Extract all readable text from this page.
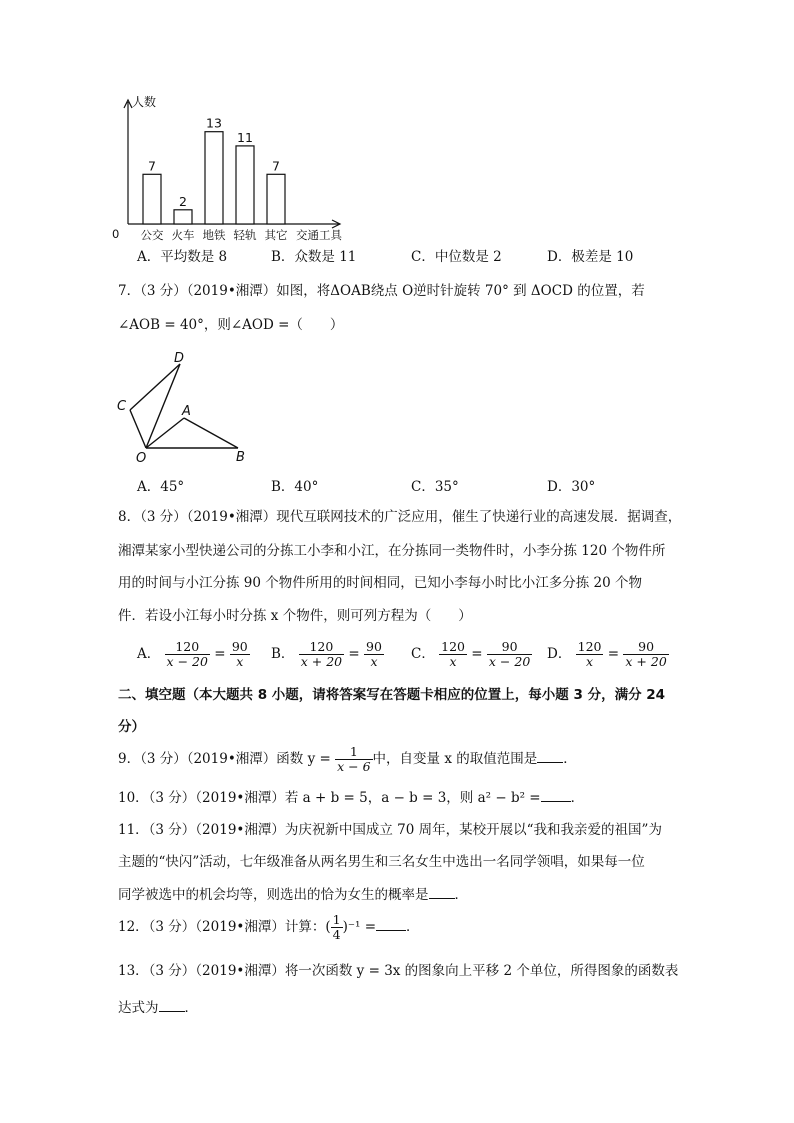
人数
0	交通工具
7
公交
2
火车
13
地铁
11
轻轨
7
其它
A．平均数是 8	B．众数是 11	C．中位数是 2	D．极差是 10
7．（3 分）（2019•湘潭）如图，将ΔOAB绕点 O逆时针旋转 70° 到 ΔOCD 的位置，若
∠AOB = 40°，则∠AOD =（　　）
D
C	A
O	B
A．45°	B．40°	C．35°	D．30°
8．（3 分）（2019•湘潭）现代互联网技术的广泛应用，催生了快递行业的高速发展．据调查，
湘潭某家小型快递公司的分拣工小李和小江，在分拣同一类物件时，小李分拣 120 个物件所
用的时间与小江分拣 90 个物件所用的时间相同，已知小李每小时比小江多分拣 20 个物
件．若设小江每小时分拣 x 个物件，则可列方程为（　　）
A． $\frac{120}{x - 20} = \frac{90}{x}$ B． $\frac{120}{x + 20} = \frac{90}{x}$ C． $\frac{120}{x} = \frac{90}{x - 20}$ D． $\frac{120}{x} = \frac{90}{x + 20}$
二、填空题（本大题共 8 小题，请将答案写在答题卡相应的位置上，每小题 3 分，满分 24
分）
9．（3 分）（2019•湘潭）函数 $y = \frac{1}{x - 6}$ 中，自变量 x 的取值范围是 ．
10．（3 分）（2019•湘潭）若 a + b = 5，a − b = 3，则 a² − b² = ．
11．（3 分）（2019•湘潭）为庆祝新中国成立 70 周年，某校开展以“我和我亲爱的祖国”为
主题的“快闪”活动，七年级准备从两名男生和三名女生中选出一名同学领唱，如果每一位
同学被选中的机会均等，则选出的恰为女生的概率是 ．
12．（3 分）（2019•湘潭）计算：( $\frac{1}{4} )^{-1}$ = ．
13．（3 分）（2019•湘潭）将一次函数 y = 3x 的图象向上平移 2 个单位，所得图象的函数表
达式为 ．
